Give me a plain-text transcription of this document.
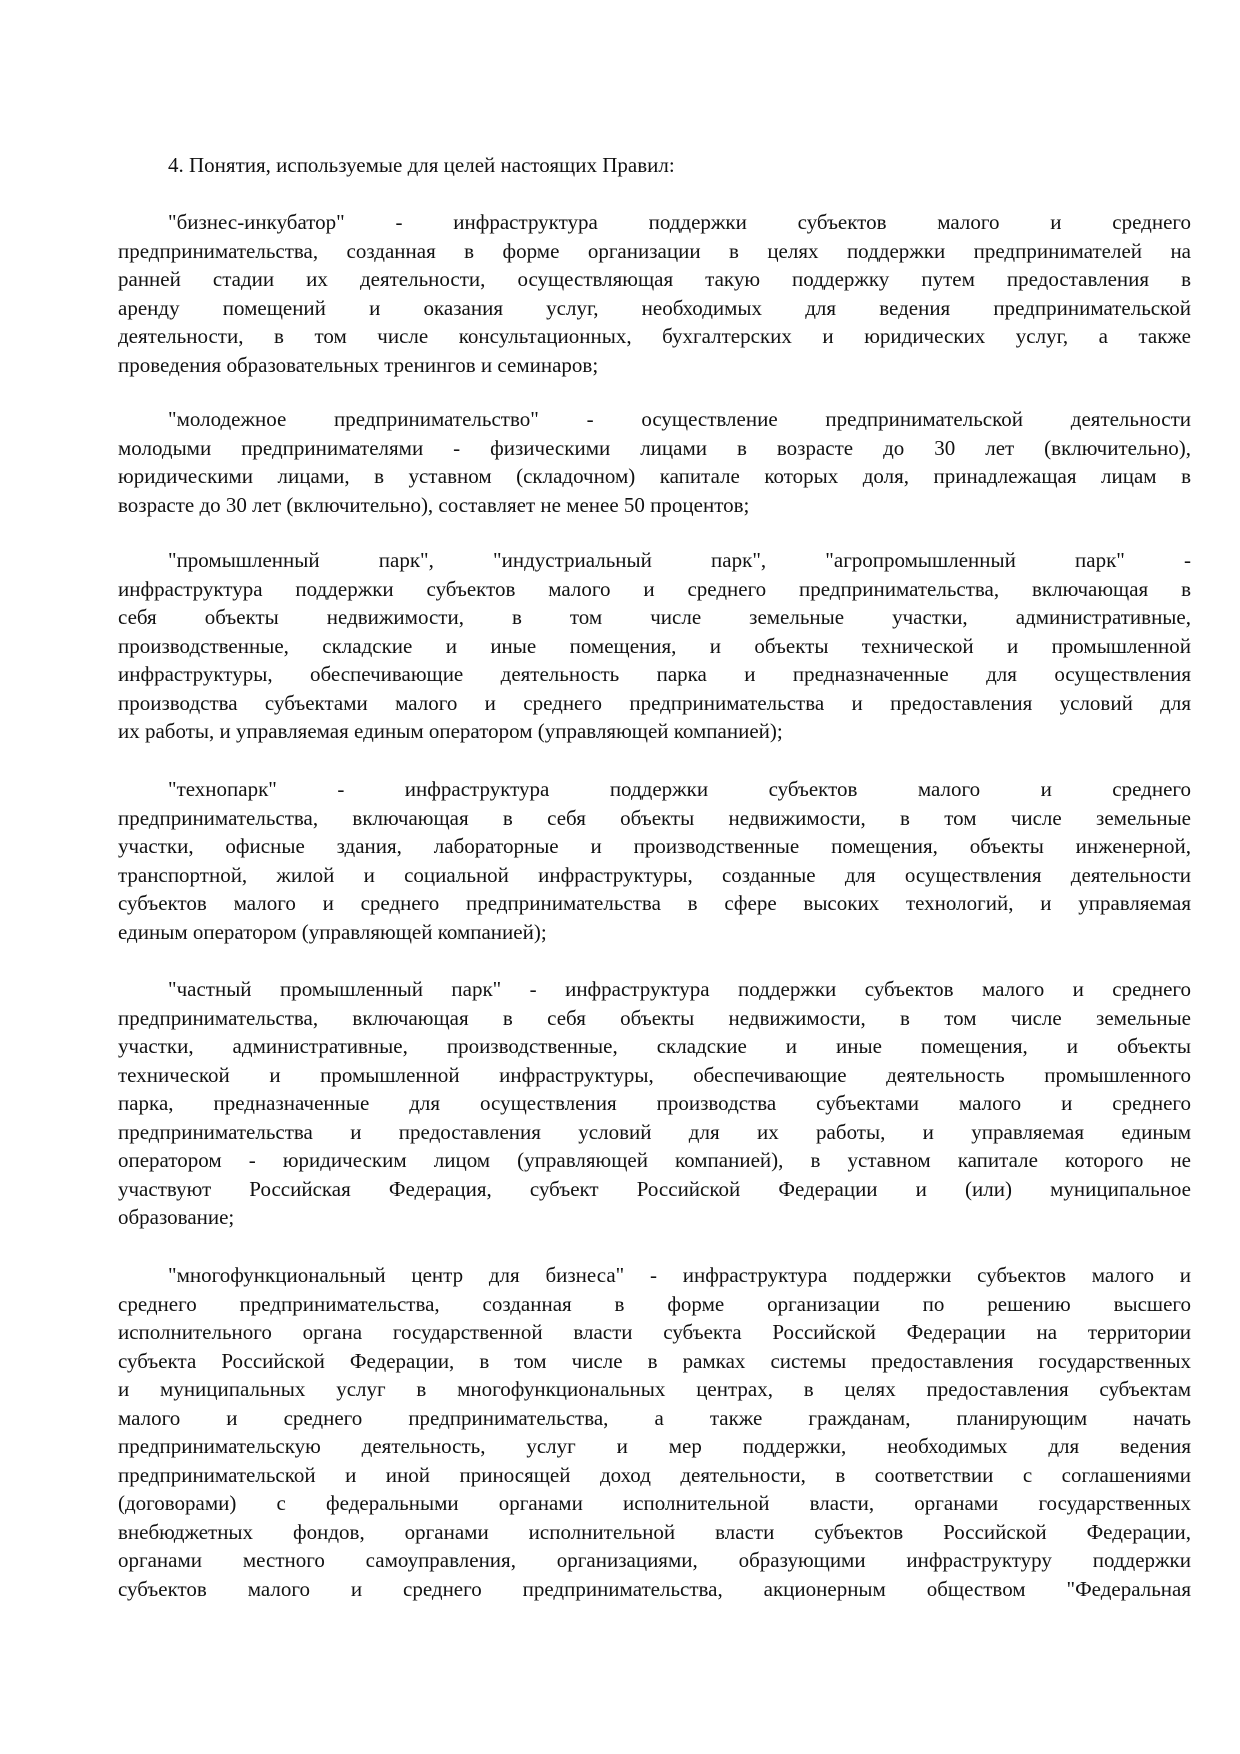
4. Понятия, используемые для целей настоящих Правил:
"бизнес-инкубатор" - инфраструктура поддержки субъектов малого и среднего
предпринимательства, созданная в форме организации в целях поддержки предпринимателей на
ранней стадии их деятельности, осуществляющая такую поддержку путем предоставления в
аренду помещений и оказания услуг, необходимых для ведения предпринимательской
деятельности, в том числе консультационных, бухгалтерских и юридических услуг, а также
проведения образовательных тренингов и семинаров;
"молодежное предпринимательство" - осуществление предпринимательской деятельности
молодыми предпринимателями - физическими лицами в возрасте до 30 лет (включительно),
юридическими лицами, в уставном (складочном) капитале которых доля, принадлежащая лицам в
возрасте до 30 лет (включительно), составляет не менее 50 процентов;
"промышленный парк", "индустриальный парк", "агропромышленный парк" -
инфраструктура поддержки субъектов малого и среднего предпринимательства, включающая в
себя объекты недвижимости, в том числе земельные участки, административные,
производственные, складские и иные помещения, и объекты технической и промышленной
инфраструктуры, обеспечивающие деятельность парка и предназначенные для осуществления
производства субъектами малого и среднего предпринимательства и предоставления условий для
их работы, и управляемая единым оператором (управляющей компанией);
"технопарк" - инфраструктура поддержки субъектов малого и среднего
предпринимательства, включающая в себя объекты недвижимости, в том числе земельные
участки, офисные здания, лабораторные и производственные помещения, объекты инженерной,
транспортной, жилой и социальной инфраструктуры, созданные для осуществления деятельности
субъектов малого и среднего предпринимательства в сфере высоких технологий, и управляемая
единым оператором (управляющей компанией);
"частный промышленный парк" - инфраструктура поддержки субъектов малого и среднего
предпринимательства, включающая в себя объекты недвижимости, в том числе земельные
участки, административные, производственные, складские и иные помещения, и объекты
технической и промышленной инфраструктуры, обеспечивающие деятельность промышленного
парка, предназначенные для осуществления производства субъектами малого и среднего
предпринимательства и предоставления условий для их работы, и управляемая единым
оператором - юридическим лицом (управляющей компанией), в уставном капитале которого не
участвуют Российская Федерация, субъект Российской Федерации и (или) муниципальное
образование;
"многофункциональный центр для бизнеса" - инфраструктура поддержки субъектов малого и
среднего предпринимательства, созданная в форме организации по решению высшего
исполнительного органа государственной власти субъекта Российской Федерации на территории
субъекта Российской Федерации, в том числе в рамках системы предоставления государственных
и муниципальных услуг в многофункциональных центрах, в целях предоставления субъектам
малого и среднего предпринимательства, а также гражданам, планирующим начать
предпринимательскую деятельность, услуг и мер поддержки, необходимых для ведения
предпринимательской и иной приносящей доход деятельности, в соответствии с соглашениями
(договорами) с федеральными органами исполнительной власти, органами государственных
внебюджетных фондов, органами исполнительной власти субъектов Российской Федерации,
органами местного самоуправления, организациями, образующими инфраструктуру поддержки
субъектов малого и среднего предпринимательства, акционерным обществом "Федеральная
